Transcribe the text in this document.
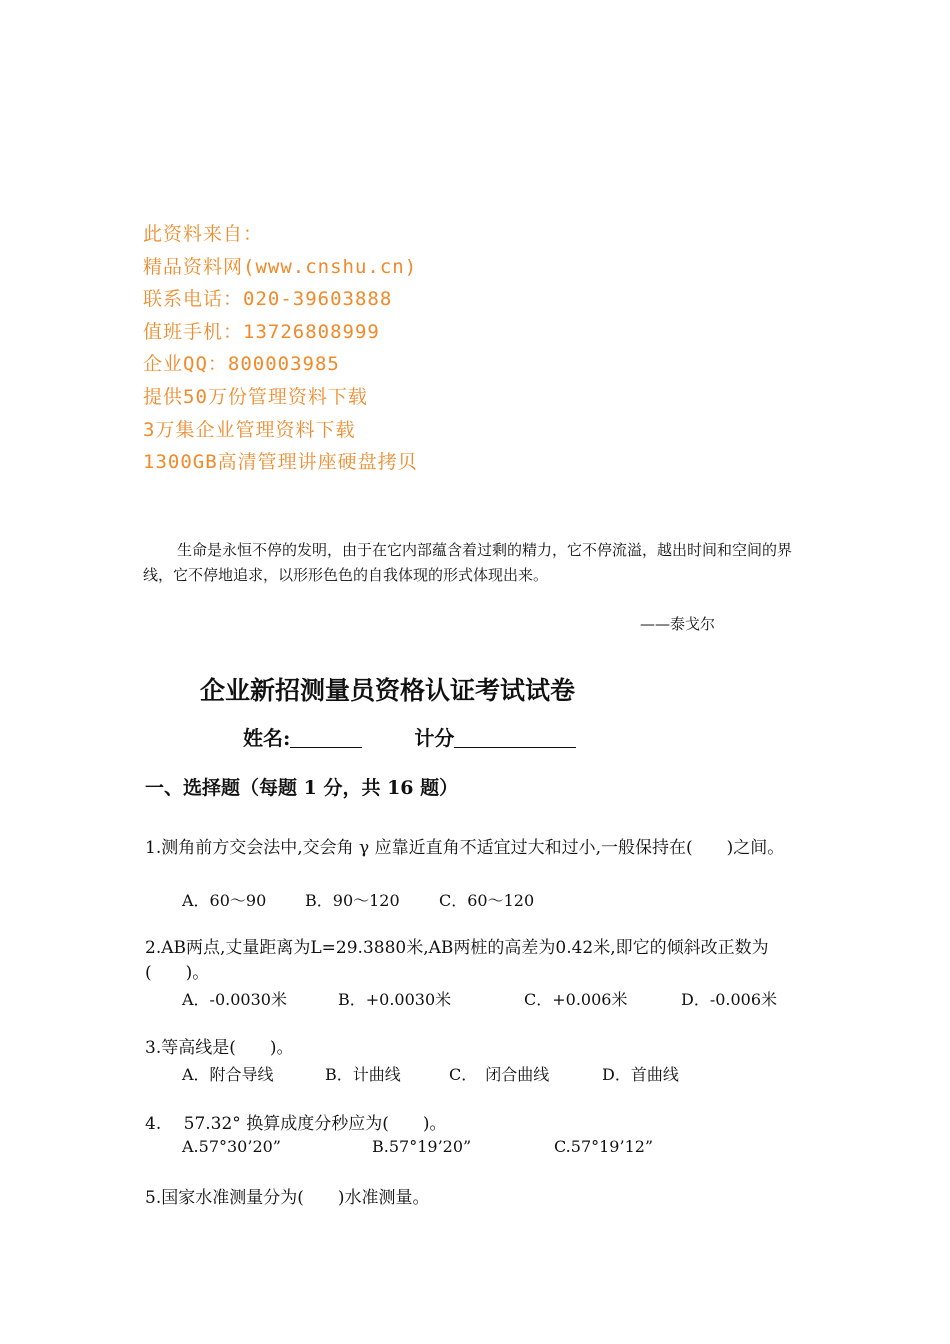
此资料来自：
精品资料网(www.cnshu.cn)
联系电话：020-39603888
值班手机：13726808999
企业QQ：800003985
提供50万份管理资料下载
3万集企业管理资料下载
1300GB高清管理讲座硬盘拷贝

生命是永恒不停的发明，由于在它内部蕴含着过剩的精力，它不停流溢，越出时间和空间的界线，它不停地追求，以形形色色的自我体现的形式体现出来。

——泰戈尔
企业新招测量员资格认证考试试卷
姓名:	计分
一、选择题（每题 1 分，共 16 题）
1.测角前方交会法中,交会角 γ 应靠近直角不适宜过大和过小,一般保持在(　　)之间。
A．60～90 B．90～120 C．60～120
2.AB两点,丈量距离为L=29.3880米,AB两桩的高差为0.42米,即它的倾斜改正数为(　　)。
A．-0.0030米	B．+0.0030米	C．+0.006米	D．-0.006米
3.等高线是(　　)。
A．附合导线	B．计曲线	C．　闭合曲线	D．首曲线
4.　 57.32° 换算成度分秒应为(　　)。
A.57°30’20”	B.57°19’20”	C.57°19’12”
5.国家水准测量分为(　　)水准测量。
